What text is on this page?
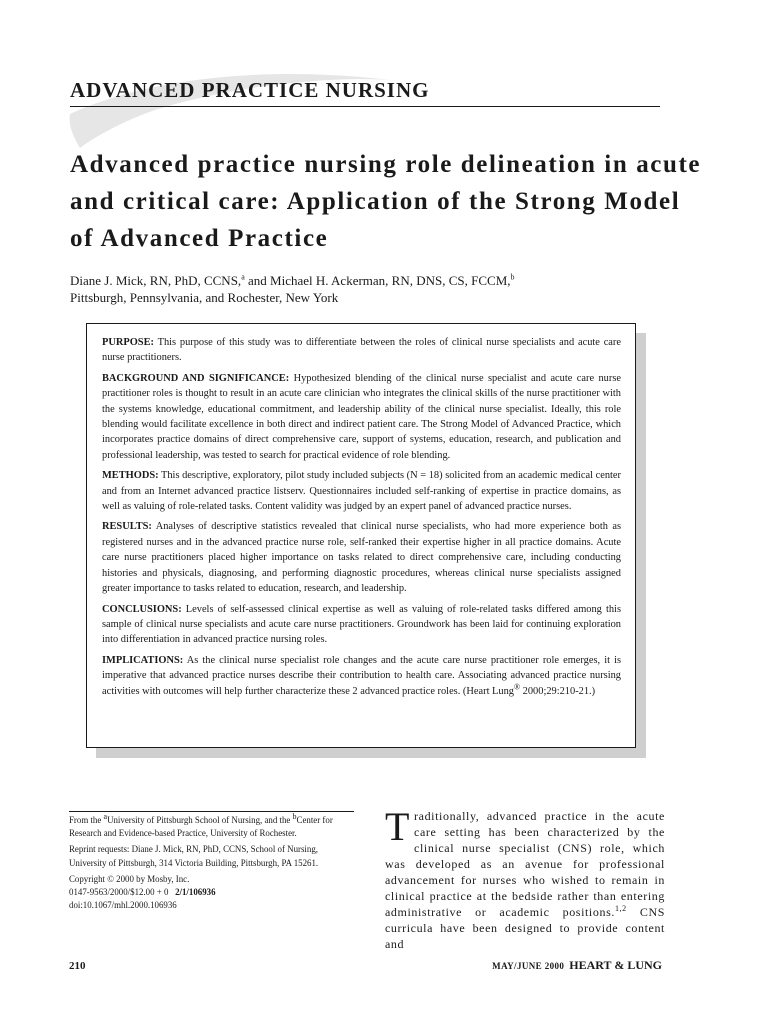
ADVANCED PRACTICE NURSING
Advanced practice nursing role delineation in acute and critical care: Application of the Strong Model of Advanced Practice
Diane J. Mick, RN, PhD, CCNS,$^a$ and Michael H. Ackerman, RN, DNS, CS, FCCM,$^b$
Pittsburgh, Pennsylvania, and Rochester, New York

PURPOSE: This purpose of this study was to differentiate between the roles of clinical nurse specialists and acute care nurse practitioners.

BACKGROUND AND SIGNIFICANCE: Hypothesized blending of the clinical nurse specialist and acute care nurse practitioner roles is thought to result in an acute care clinician who integrates the clinical skills of the nurse practitioner with the systems knowledge, educational commitment, and leadership ability of the clinical nurse specialist. Ideally, this role blending would facilitate excellence in both direct and indirect patient care. The Strong Model of Advanced Practice, which incorporates practice domains of direct comprehensive care, support of systems, education, research, and publication and professional leadership, was tested to search for practical evidence of role blending.

METHODS: This descriptive, exploratory, pilot study included subjects (N = 18) solicited from an academic medical center and from an Internet advanced practice listserv. Questionnaires included self-ranking of expertise in practice domains, as well as valuing of role-related tasks. Content validity was judged by an expert panel of advanced practice nurses.

RESULTS: Analyses of descriptive statistics revealed that clinical nurse specialists, who had more experience both as registered nurses and in the advanced practice nurse role, self-ranked their expertise higher in all practice domains. Acute care nurse practitioners placed higher importance on tasks related to direct comprehensive care, including conducting histories and physicals, diagnosing, and performing diagnostic procedures, whereas clinical nurse specialists assigned greater importance to tasks related to education, research, and leadership.

CONCLUSIONS: Levels of self-assessed clinical expertise as well as valuing of role-related tasks differed among this sample of clinical nurse specialists and acute care nurse practitioners. Groundwork has been laid for continuing exploration into differentiation in advanced practice nursing roles.

IMPLICATIONS: As the clinical nurse specialist role changes and the acute care nurse practitioner role emerges, it is imperative that advanced practice nurses describe their contribution to health care. Associating advanced practice nursing activities with outcomes will help further characterize these 2 advanced practice roles. (Heart Lung® 2000;29:210-21.)

From the $^a$University of Pittsburgh School of Nursing, and the $^b$Center for Research and Evidence-based Practice, University of Rochester.

Reprint requests: Diane J. Mick, RN, PhD, CCNS, School of Nursing, University of Pittsburgh, 314 Victoria Building, Pittsburgh, PA 15261.

Copyright © 2000 by Mosby, Inc.
0147-9563/2000/$12.00 + 0 2/1/106936
doi:10.1067/mhl.2000.106936

Traditionally, advanced practice in the acute care setting has been characterized by the clinical nurse specialist (CNS) role, which was developed as an avenue for professional advancement for nurses who wished to remain in clinical practice at the bedside rather than entering administrative or academic positions.$^{1,2}$ CNS curricula have been designed to provide content and

210	MAY/JUNE 2000 HEART & LUNG
